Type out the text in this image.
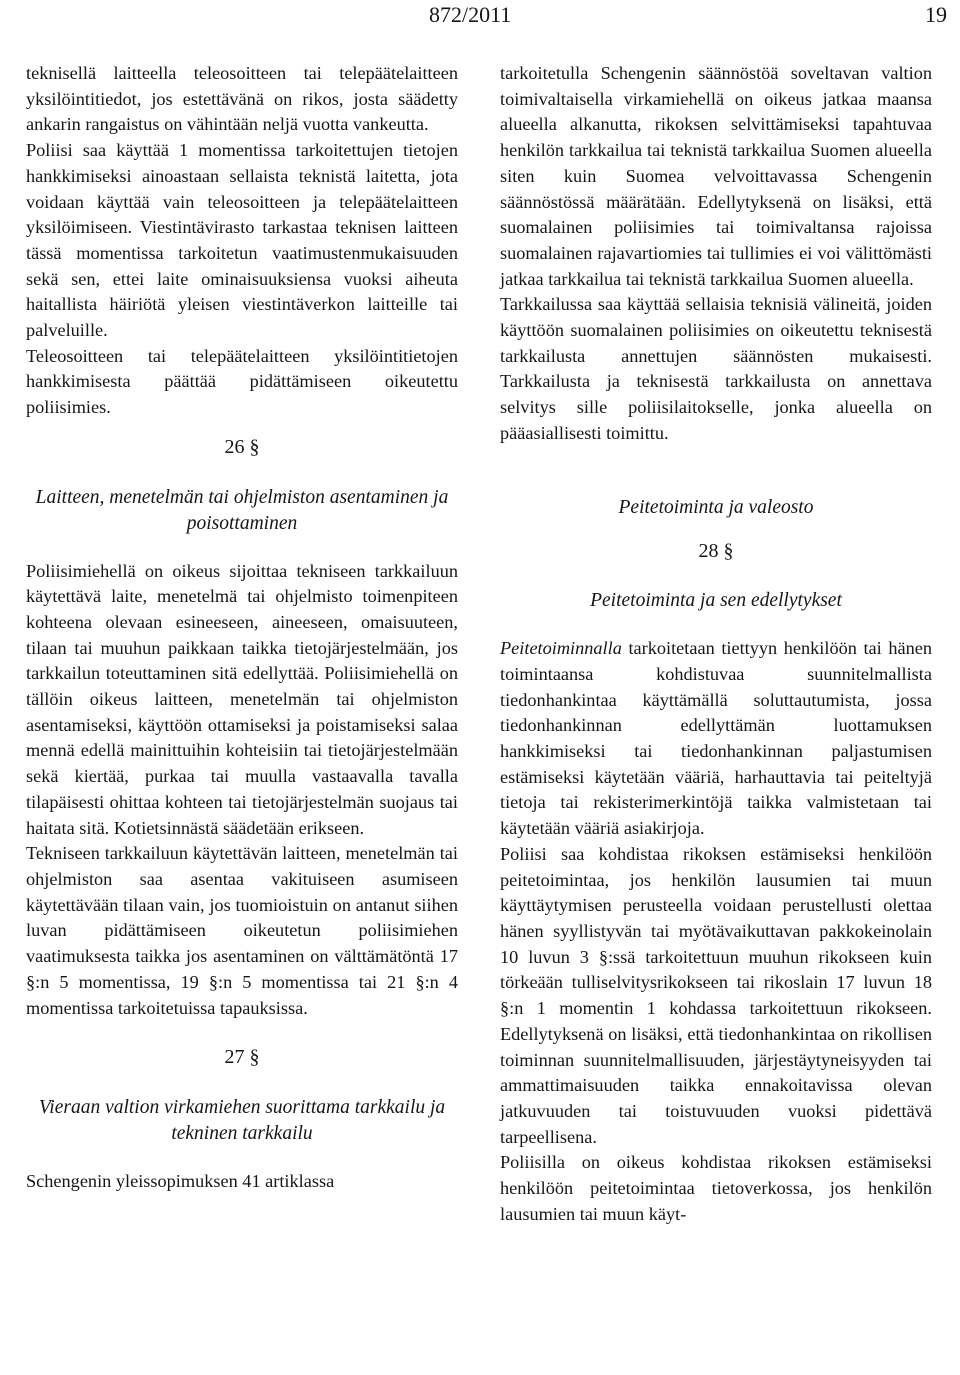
872/2011	19

teknisellä laitteella teleosoitteen tai telepäätelaitteen yksilöintitiedot, jos estettävänä on rikos, josta säädetty ankarin rangaistus on vähintään neljä vuotta vankeutta.

Poliisi saa käyttää 1 momentissa tarkoitettujen tietojen hankkimiseksi ainoastaan sellaista teknistä laitetta, jota voidaan käyttää vain teleosoitteen ja telepäätelaitteen yksilöimiseen. Viestintävirasto tarkastaa teknisen laitteen tässä momentissa tarkoitetun vaatimustenmukaisuuden sekä sen, ettei laite ominaisuuksiensa vuoksi aiheuta haitallista häiriötä yleisen viestintäverkon laitteille tai palveluille.

Teleosoitteen tai telepäätelaitteen yksilöintitietojen hankkimisesta päättää pidättämiseen oikeutettu poliisimies.

26 §
Laitteen, menetelmän tai ohjelmiston asentaminen ja poisottaminen

Poliisimiehellä on oikeus sijoittaa tekniseen tarkkailuun käytettävä laite, menetelmä tai ohjelmisto toimenpiteen kohteena olevaan esineeseen, aineeseen, omaisuuteen, tilaan tai muuhun paikkaan taikka tietojärjestelmään, jos tarkkailun toteuttaminen sitä edellyttää. Poliisimiehellä on tällöin oikeus laitteen, menetelmän tai ohjelmiston asentamiseksi, käyttöön ottamiseksi ja poistamiseksi salaa mennä edellä mainittuihin kohteisiin tai tietojärjestelmään sekä kiertää, purkaa tai muulla vastaavalla tavalla tilapäisesti ohittaa kohteen tai tietojärjestelmän suojaus tai haitata sitä. Kotietsinnästä säädetään erikseen.

Tekniseen tarkkailuun käytettävän laitteen, menetelmän tai ohjelmiston saa asentaa vakituiseen asumiseen käytettävään tilaan vain, jos tuomioistuin on antanut siihen luvan pidättämiseen oikeutetun poliisimiehen vaatimuksesta taikka jos asentaminen on välttämätöntä 17 §:n 5 momentissa, 19 §:n 5 momentissa tai 21 §:n 4 momentissa tarkoitetuissa tapauksissa.

27 §
Vieraan valtion virkamiehen suorittama tarkkailu ja tekninen tarkkailu

Schengenin yleissopimuksen 41 artiklassa

tarkoitetulla Schengenin säännöstöä soveltavan valtion toimivaltaisella virkamiehellä on oikeus jatkaa maansa alueella alkanutta, rikoksen selvittämiseksi tapahtuvaa henkilön tarkkailua tai teknistä tarkkailua Suomen alueella siten kuin Suomea velvoittavassa Schengenin säännöstössä määrätään. Edellytyksenä on lisäksi, että suomalainen poliisimies tai toimivaltansa rajoissa suomalainen rajavartiomies tai tullimies ei voi välittömästi jatkaa tarkkailua tai teknistä tarkkailua Suomen alueella.

Tarkkailussa saa käyttää sellaisia teknisiä välineitä, joiden käyttöön suomalainen poliisimies on oikeutettu teknisestä tarkkailusta annettujen säännösten mukaisesti. Tarkkailusta ja teknisestä tarkkailusta on annettava selvitys sille poliisilaitokselle, jonka alueella on pääasiallisesti toimittu.

Peitetoiminta ja valeosto
28 §
Peitetoiminta ja sen edellytykset

Peitetoiminnalla tarkoitetaan tiettyyn henkilöön tai hänen toimintaansa kohdistuvaa suunnitelmallista tiedonhankintaa käyttämällä soluttautumista, jossa tiedonhankinnan edellyttämän luottamuksen hankkimiseksi tai tiedonhankinnan paljastumisen estämiseksi käytetään vääriä, harhauttavia tai peiteltyjä tietoja tai rekisterimerkintöjä taikka valmistetaan tai käytetään vääriä asiakirjoja.

Poliisi saa kohdistaa rikoksen estämiseksi henkilöön peitetoimintaa, jos henkilön lausumien tai muun käyttäytymisen perusteella voidaan perustellusti olettaa hänen syyllistyvän tai myötävaikuttavan pakkokeinolain 10 luvun 3 §:ssä tarkoitettuun muuhun rikokseen kuin törkeään tulliselvitysrikokseen tai rikoslain 17 luvun 18 §:n 1 momentin 1 kohdassa tarkoitettuun rikokseen. Edellytyksenä on lisäksi, että tiedonhankintaa on rikollisen toiminnan suunnitelmallisuuden, järjestäytyneisyyden tai ammattimaisuuden taikka ennakoitavissa olevan jatkuvuuden tai toistuvuuden vuoksi pidettävä tarpeellisena.

Poliisilla on oikeus kohdistaa rikoksen estämiseksi henkilöön peitetoimintaa tietoverkossa, jos henkilön lausumien tai muun käyt-
